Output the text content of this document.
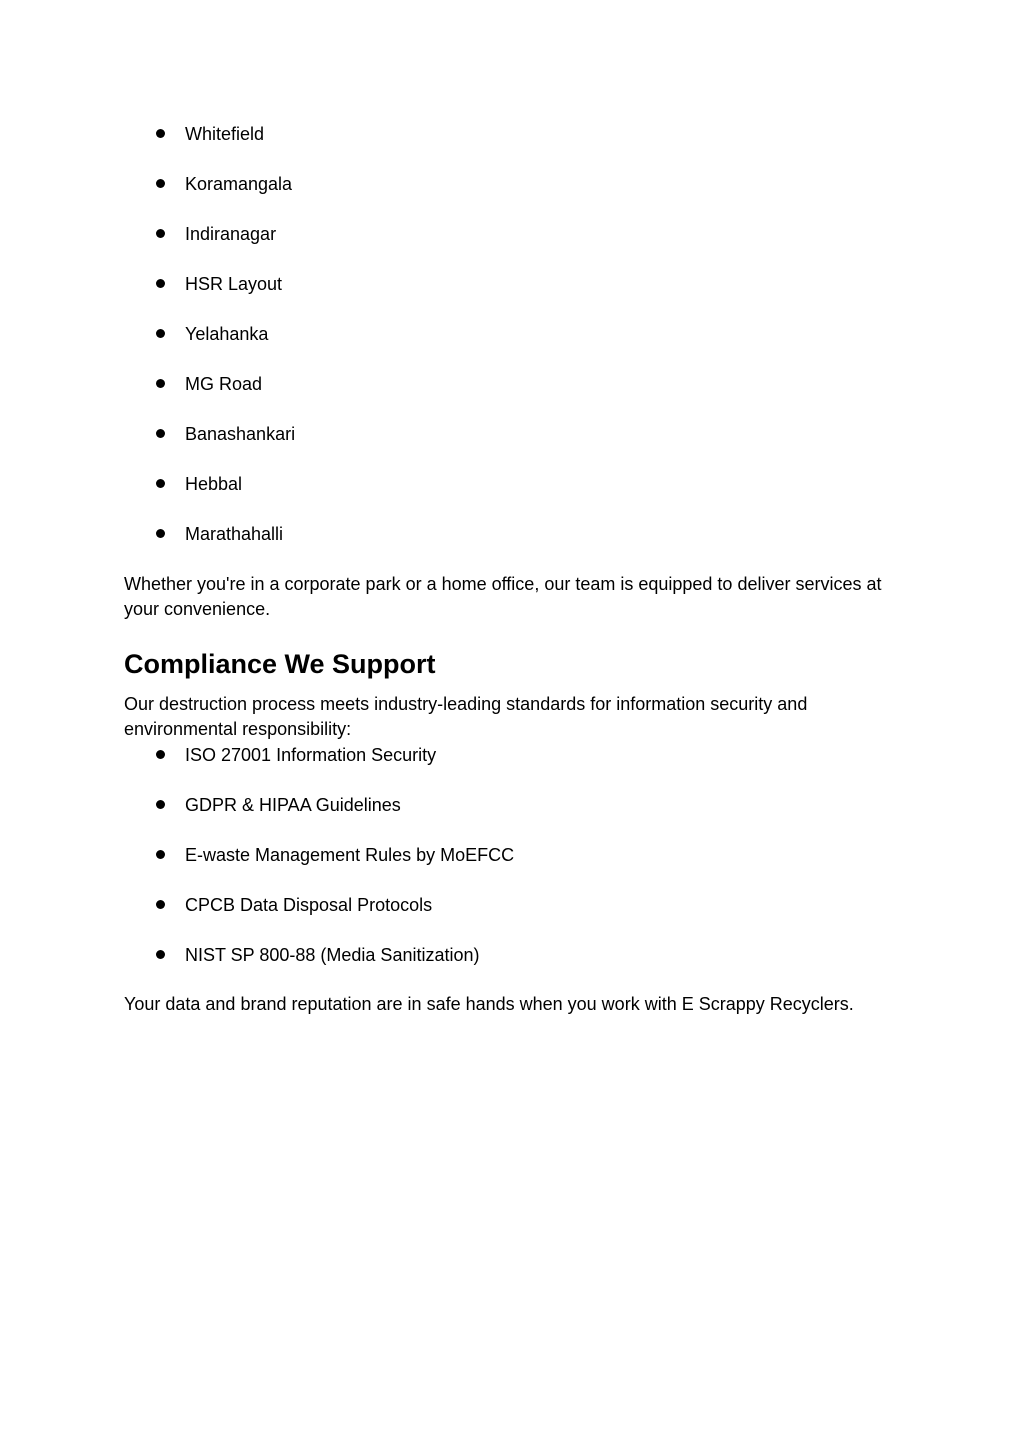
Whitefield
Koramangala
Indiranagar
HSR Layout
Yelahanka
MG Road
Banashankari
Hebbal
Marathahalli

Whether you're in a corporate park or a home office, our team is equipped to deliver services at your convenience.

Compliance We Support

Our destruction process meets industry-leading standards for information security and environmental responsibility:

ISO 27001 Information Security
GDPR & HIPAA Guidelines
E-waste Management Rules by MoEFCC
CPCB Data Disposal Protocols
NIST SP 800-88 (Media Sanitization)

Your data and brand reputation are in safe hands when you work with E Scrappy Recyclers.
